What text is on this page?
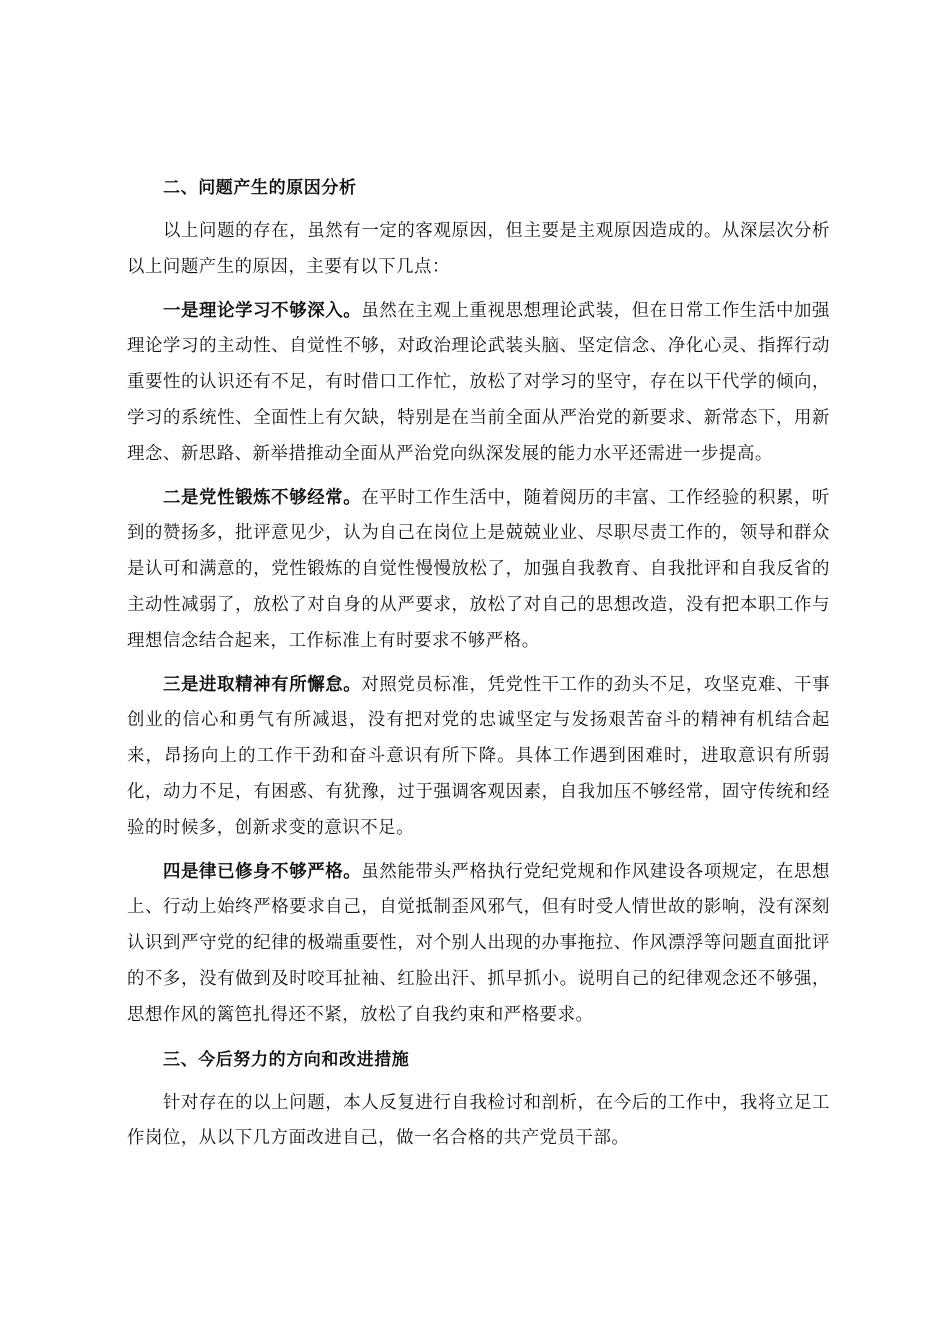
二、问题产生的原因分析

以上问题的存在，虽然有一定的客观原因，但主要是主观原因造成的。从深层次分析以上问题产生的原因，主要有以下几点：

一是理论学习不够深入。虽然在主观上重视思想理论武装，但在日常工作生活中加强理论学习的主动性、自觉性不够，对政治理论武装头脑、坚定信念、净化心灵、指挥行动重要性的认识还有不足，有时借口工作忙，放松了对学习的坚守，存在以干代学的倾向，学习的系统性、全面性上有欠缺，特别是在当前全面从严治党的新要求、新常态下，用新理念、新思路、新举措推动全面从严治党向纵深发展的能力水平还需进一步提高。

二是党性锻炼不够经常。在平时工作生活中，随着阅历的丰富、工作经验的积累，听到的赞扬多，批评意见少，认为自己在岗位上是兢兢业业、尽职尽责工作的，领导和群众是认可和满意的，党性锻炼的自觉性慢慢放松了，加强自我教育、自我批评和自我反省的主动性减弱了，放松了对自身的从严要求，放松了对自己的思想改造，没有把本职工作与理想信念结合起来，工作标准上有时要求不够严格。

三是进取精神有所懈怠。对照党员标准，凭党性干工作的劲头不足，攻坚克难、干事创业的信心和勇气有所减退，没有把对党的忠诚坚定与发扬艰苦奋斗的精神有机结合起来，昂扬向上的工作干劲和奋斗意识有所下降。具体工作遇到困难时，进取意识有所弱化，动力不足，有困惑、有犹豫，过于强调客观因素，自我加压不够经常，固守传统和经验的时候多，创新求变的意识不足。

四是律已修身不够严格。虽然能带头严格执行党纪党规和作风建设各项规定，在思想上、行动上始终严格要求自己，自觉抵制歪风邪气，但有时受人情世故的影响，没有深刻认识到严守党的纪律的极端重要性，对个别人出现的办事拖拉、作风漂浮等问题直面批评的不多，没有做到及时咬耳扯袖、红脸出汗、抓早抓小。说明自己的纪律观念还不够强，思想作风的篱笆扎得还不紧，放松了自我约束和严格要求。

三、今后努力的方向和改进措施

针对存在的以上问题，本人反复进行自我检讨和剖析，在今后的工作中，我将立足工作岗位，从以下几方面改进自己，做一名合格的共产党员干部。
